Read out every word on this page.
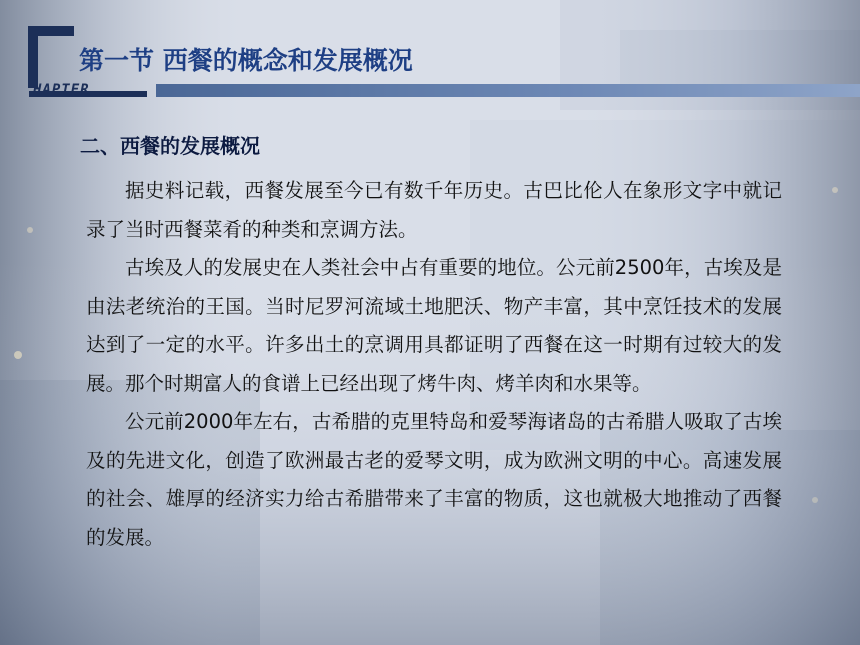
第一节 西餐的概念和发展概况
HAPTER
二、西餐的发展概况

据史料记载，西餐发展至今已有数千年历史。古巴比伦人在象形文字中就记录了当时西餐菜肴的种类和烹调方法。

古埃及人的发展史在人类社会中占有重要的地位。公元前2500年，古埃及是由法老统治的王国。当时尼罗河流域土地肥沃、物产丰富，其中烹饪技术的发展达到了一定的水平。许多出土的烹调用具都证明了西餐在这一时期有过较大的发展。那个时期富人的食谱上已经出现了烤牛肉、烤羊肉和水果等。

公元前2000年左右，古希腊的克里特岛和爱琴海诸岛的古希腊人吸取了古埃及的先进文化，创造了欧洲最古老的爱琴文明，成为欧洲文明的中心。高速发展的社会、雄厚的经济实力给古希腊带来了丰富的物质，这也就极大地推动了西餐的发展。
